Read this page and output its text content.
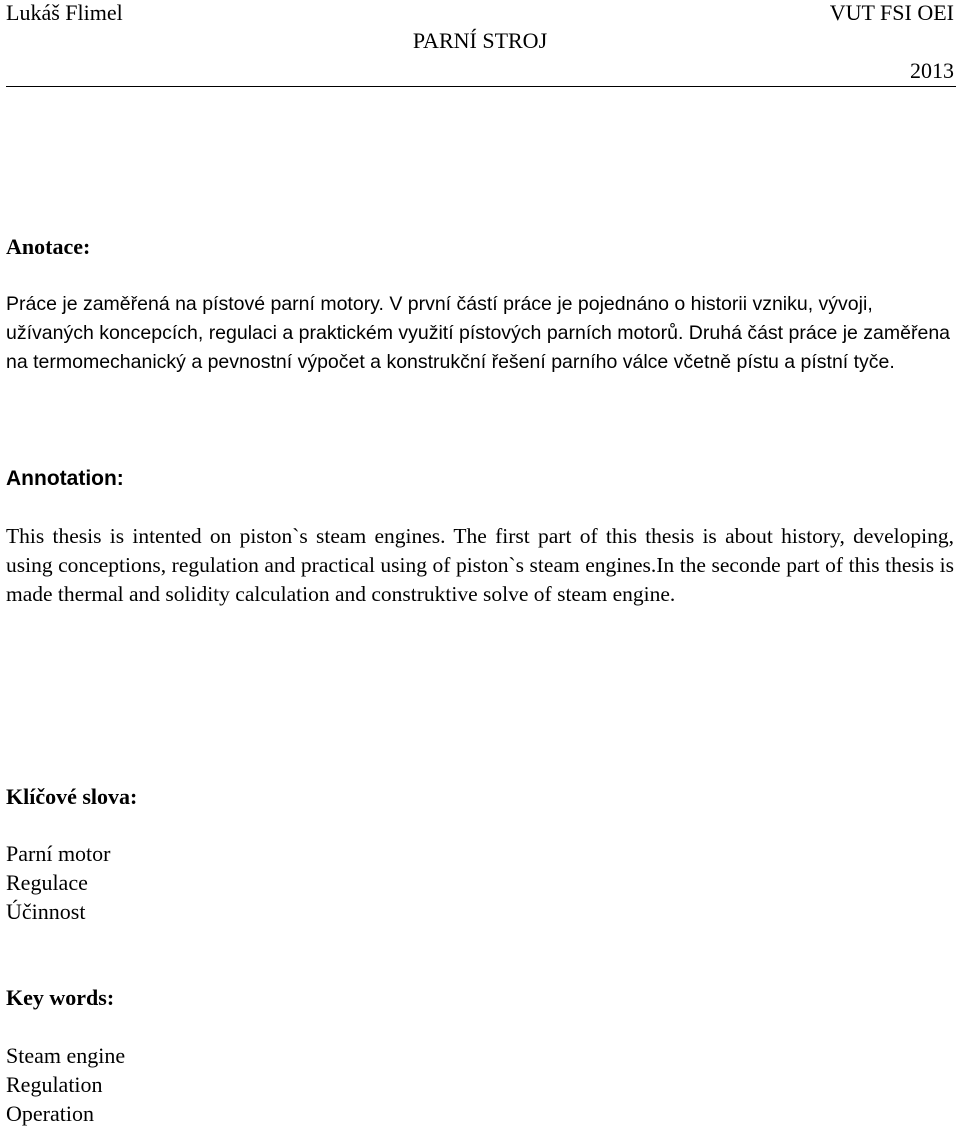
Lukáš Flimel
PARNÍ STROJ
VUT FSI OEI
2013
Anotace:
Práce je zaměřená na pístové parní motory. V první částí práce je pojednáno o historii vzniku, vývoji, užívaných koncepcích, regulaci a praktickém využití pístových parních motorů. Druhá část práce je zaměřena na termomechanický a pevnostní výpočet a konstrukční řešení parního válce včetně pístu a pístní tyče.
Annotation:
This thesis is intented on piston`s steam engines. The first part of this thesis is about history, developing, using conceptions, regulation and practical using of piston`s steam engines.In the seconde part of this thesis is made thermal and solidity calculation and construktive solve of steam engine.
Klíčové slova:
Parní motor
Regulace
Účinnost
Key words:
Steam engine
Regulation
Operation
